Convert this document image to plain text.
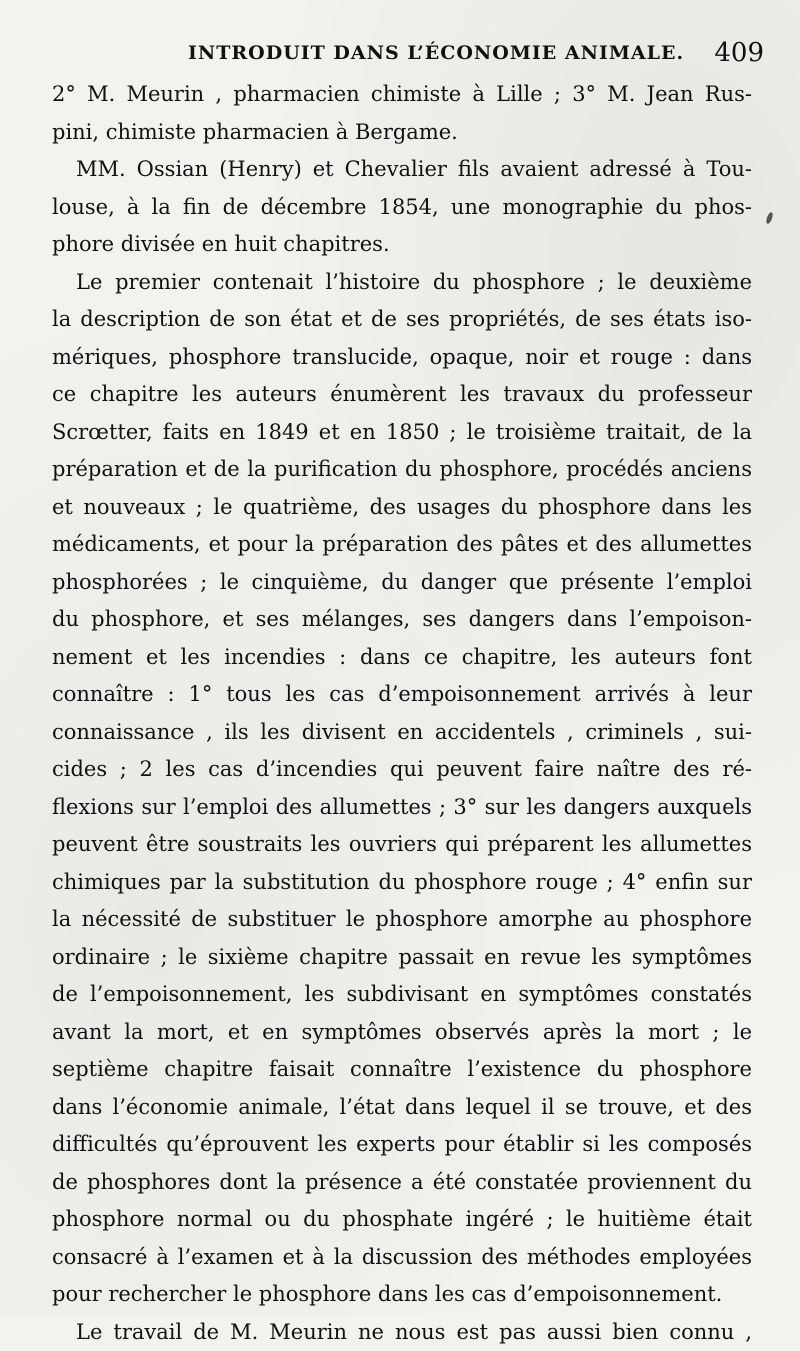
INTRODUIT DANS L’ÉCONOMIE ANIMALE. 409
2° M. Meurin , pharmacien chimiste à Lille ; 3° M. Jean Rus-
pini, chimiste pharmacien à Bergame.
MM. Ossian (Henry) et Chevalier fils avaient adressé à Tou-
louse, à la fin de décembre 1854, une monographie du phos-
phore divisée en huit chapitres.
Le premier contenait l’histoire du phosphore ; le deuxième
la description de son état et de ses propriétés, de ses états iso-
mériques, phosphore translucide, opaque, noir et rouge : dans
ce chapitre les auteurs énumèrent les travaux du professeur
Scrœtter, faits en 1849 et en 1850 ; le troisième traitait, de la
préparation et de la purification du phosphore, procédés anciens
et nouveaux ; le quatrième, des usages du phosphore dans les
médicaments, et pour la préparation des pâtes et des allumettes
phosphorées ; le cinquième, du danger que présente l’emploi
du phosphore, et ses mélanges, ses dangers dans l’empoison-
nement et les incendies : dans ce chapitre, les auteurs font
connaître : 1° tous les cas d’empoisonnement arrivés à leur
connaissance , ils les divisent en accidentels , criminels , sui-
cides ; 2 les cas d’incendies qui peuvent faire naître des ré-
flexions sur l’emploi des allumettes ; 3° sur les dangers auxquels
peuvent être soustraits les ouvriers qui préparent les allumettes
chimiques par la substitution du phosphore rouge ; 4° enfin sur
la nécessité de substituer le phosphore amorphe au phosphore
ordinaire ; le sixième chapitre passait en revue les symptômes
de l’empoisonnement, les subdivisant en symptômes constatés
avant la mort, et en symptômes observés après la mort ; le
septième chapitre faisait connaître l’existence du phosphore
dans l’économie animale, l’état dans lequel il se trouve, et des
difficultés qu’éprouvent les experts pour établir si les composés
de phosphores dont la présence a été constatée proviennent du
phosphore normal ou du phosphate ingéré ; le huitième était
consacré à l’examen et à la discussion des méthodes employées
pour rechercher le phosphore dans les cas d’empoisonnement.
Le travail de M. Meurin ne nous est pas aussi bien connu ,
